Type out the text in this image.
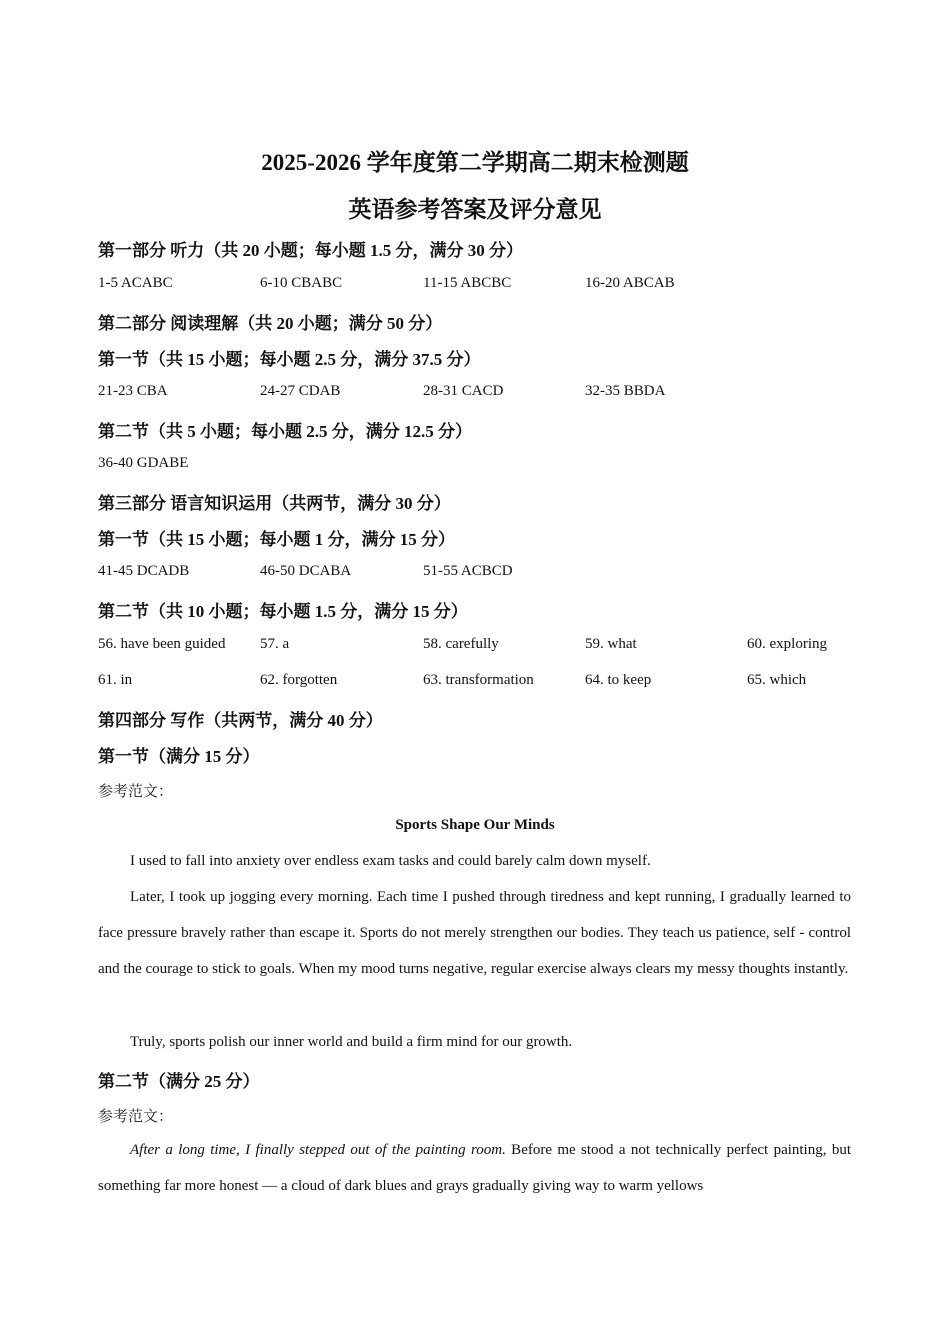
2025-2026 学年度第二学期高二期末检测题
英语参考答案及评分意见

第一部分 听力（共 20 小题；每小题 1.5 分，满分 30 分）

1-5 ACABC	6-10 CBABC	11-15 ABCBC	16-20 ABCAB

第二部分 阅读理解（共 20 小题；满分 50 分）

第一节（共 15 小题；每小题 2.5 分，满分 37.5 分）

21-23 CBA	24-27 CDAB	28-31 CACD	32-35 BBDA

第二节（共 5 小题；每小题 2.5 分，满分 12.5 分）

36-40 GDABE

第三部分 语言知识运用（共两节，满分 30 分）

第一节（共 15 小题；每小题 1 分，满分 15 分）

41-45 DCADB	46-50 DCABA	51-55 ACBCD

第二节（共 10 小题；每小题 1.5 分，满分 15 分）

56. have been guided 57. a	58. carefully	59. what	60. exploring
61. in	62. forgotten	63. transformation	64. to keep	65. which

第四部分 写作（共两节，满分 40 分）

第一节（满分 15 分）

参考范文：
Sports Shape Our Minds

I used to fall into anxiety over endless exam tasks and could barely calm down myself.

Later, I took up jogging every morning. Each time I pushed through tiredness and kept running, I gradually learned to face pressure bravely rather than escape it. Sports do not merely strengthen our bodies. They teach us patience, self - control and the courage to stick to goals. When my mood turns negative, regular exercise always clears my messy thoughts instantly.

Truly, sports polish our inner world and build a firm mind for our growth.

第二节（满分 25 分）

参考范文：

After a long time, I finally stepped out of the painting room. Before me stood a not technically perfect painting, but something far more honest — a cloud of dark blues and grays gradually giving way to warm yellows
